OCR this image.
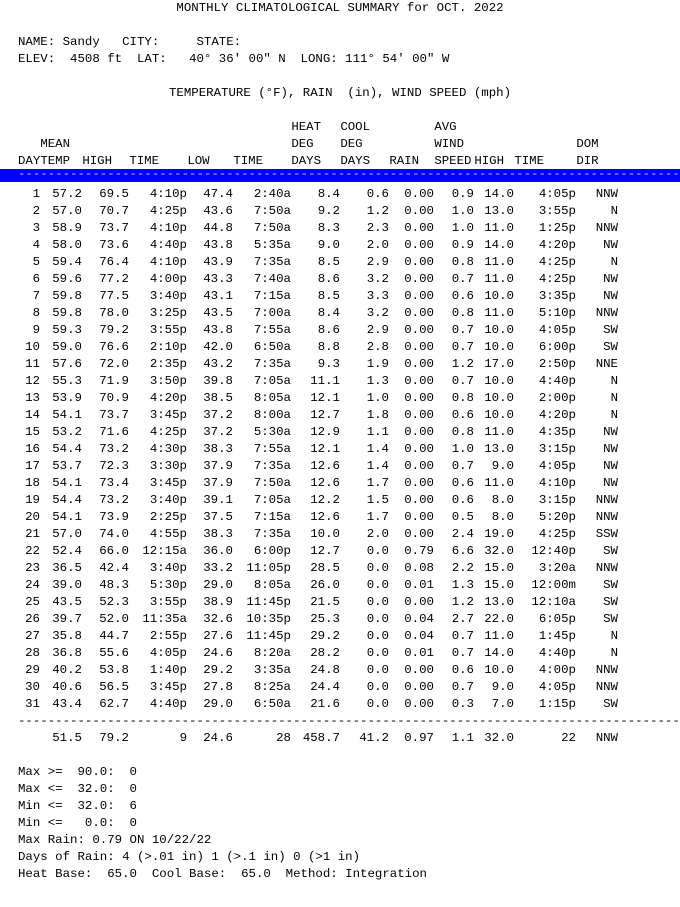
MONTHLY CLIMATOLOGICAL SUMMARY for OCT. 2022
NAME: Sandy   CITY:     STATE:
ELEV:  4508 ft  LAT:   40° 36' 00" N  LONG: 111° 54' 00" W
TEMPERATURE (°F), RAIN  (in), WIND SPEED (mph)
						HEAT	COOL		AVG			
	MEAN					DEG	DEG		WIND			DOM
DAY	TEMP	HIGH	TIME	LOW	TIME	DAYS	DAYS	RAIN	SPEED	HIGH	TIME	DIR
-----------------------------------------------------------------------------------------
1	57.2	69.5	4:10p	47.4	2:40a	8.4	0.6	0.00	0.9	14.0	4:05p	NNW
2	57.0	70.7	4:25p	43.6	7:50a	9.2	1.2	0.00	1.0	13.0	3:55p	N
3	58.9	73.7	4:10p	44.8	7:50a	8.3	2.3	0.00	1.0	11.0	1:25p	NNW
4	58.0	73.6	4:40p	43.8	5:35a	9.0	2.0	0.00	0.9	14.0	4:20p	NW
5	59.4	76.4	4:10p	43.9	7:35a	8.5	2.9	0.00	0.8	11.0	4:25p	N
6	59.6	77.2	4:00p	43.3	7:40a	8.6	3.2	0.00	0.7	11.0	4:25p	NW
7	59.8	77.5	3:40p	43.1	7:15a	8.5	3.3	0.00	0.6	10.0	3:35p	NW
8	59.8	78.0	3:25p	43.5	7:00a	8.4	3.2	0.00	0.8	11.0	5:10p	NNW
9	59.3	79.2	3:55p	43.8	7:55a	8.6	2.9	0.00	0.7	10.0	4:05p	SW
10	59.0	76.6	2:10p	42.0	6:50a	8.8	2.8	0.00	0.7	10.0	6:00p	SW
11	57.6	72.0	2:35p	43.2	7:35a	9.3	1.9	0.00	1.2	17.0	2:50p	NNE
12	55.3	71.9	3:50p	39.8	7:05a	11.1	1.3	0.00	0.7	10.0	4:40p	N
13	53.9	70.9	4:20p	38.5	8:05a	12.1	1.0	0.00	0.8	10.0	2:00p	N
14	54.1	73.7	3:45p	37.2	8:00a	12.7	1.8	0.00	0.6	10.0	4:20p	N
15	53.2	71.6	4:25p	37.2	5:30a	12.9	1.1	0.00	0.8	11.0	4:35p	NW
16	54.4	73.2	4:30p	38.3	7:55a	12.1	1.4	0.00	1.0	13.0	3:15p	NW
17	53.7	72.3	3:30p	37.9	7:35a	12.6	1.4	0.00	0.7	9.0	4:05p	NW
18	54.1	73.4	3:45p	37.9	7:50a	12.6	1.7	0.00	0.6	11.0	4:10p	NW
19	54.4	73.2	3:40p	39.1	7:05a	12.2	1.5	0.00	0.6	8.0	3:15p	NNW
20	54.1	73.9	2:25p	37.5	7:15a	12.6	1.7	0.00	0.5	8.0	5:20p	NNW
21	57.0	74.0	4:55p	38.3	7:35a	10.0	2.0	0.00	2.4	19.0	4:25p	SSW
22	52.4	66.0	12:15a	36.0	6:00p	12.7	0.0	0.79	6.6	32.0	12:40p	SW
23	36.5	42.4	3:40p	33.2	11:05p	28.5	0.0	0.08	2.2	15.0	3:20a	NNW
24	39.0	48.3	5:30p	29.0	8:05a	26.0	0.0	0.01	1.3	15.0	12:00m	SW
25	43.5	52.3	3:55p	38.9	11:45p	21.5	0.0	0.00	1.2	13.0	12:10a	SW
26	39.7	52.0	11:35a	32.6	10:35p	25.3	0.0	0.04	2.7	22.0	6:05p	SW
27	35.8	44.7	2:55p	27.6	11:45p	29.2	0.0	0.04	0.7	11.0	1:45p	N
28	36.8	55.6	4:05p	24.6	8:20a	28.2	0.0	0.01	0.7	14.0	4:40p	N
29	40.2	53.8	1:40p	29.2	3:35a	24.8	0.0	0.00	0.6	10.0	4:00p	NNW
30	40.6	56.5	3:45p	27.8	8:25a	24.4	0.0	0.00	0.7	9.0	4:05p	NNW
31	43.4	62.7	4:40p	29.0	6:50a	21.6	0.0	0.00	0.3	7.0	1:15p	SW
-----------------------------------------------------------------------------------------
	51.5	79.2	9	24.6	28	458.7	41.2	0.97	1.1	32.0	22	NNW
Max >=  90.0:  0
Max <=  32.0:  0
Min <=  32.0:  6
Min <=   0.0:  0
Max Rain: 0.79 ON 10/22/22
Days of Rain: 4 (>.01 in) 1 (>.1 in) 0 (>1 in)
Heat Base:  65.0  Cool Base:  65.0  Method: Integration
